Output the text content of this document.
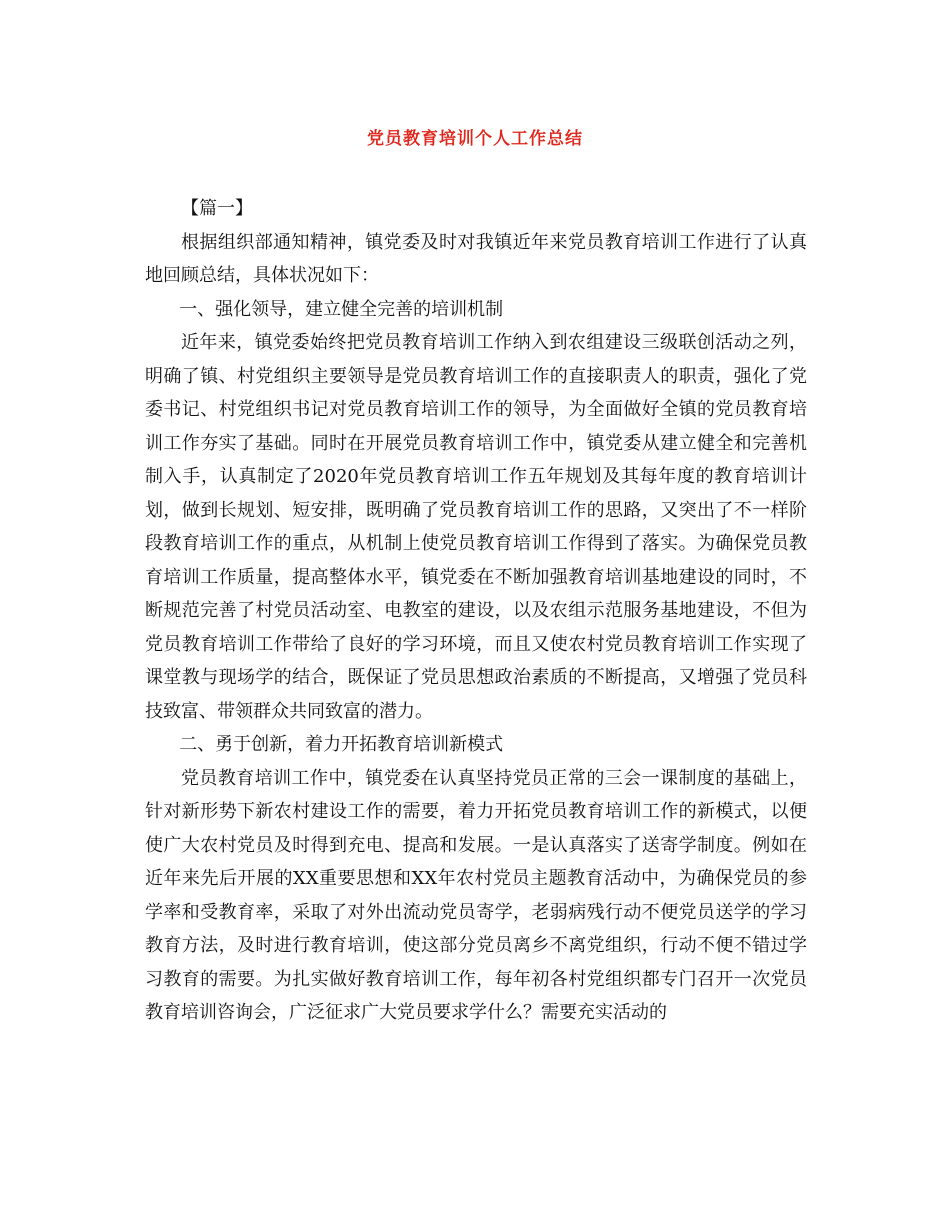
党员教育培训个人工作总结

【篇一】

根据组织部通知精神，镇党委及时对我镇近年来党员教育培训工作进行了认真地回顾总结，具体状况如下：

一、强化领导，建立健全完善的培训机制

近年来，镇党委始终把党员教育培训工作纳入到农组建设三级联创活动之列，明确了镇、村党组织主要领导是党员教育培训工作的直接职责人的职责，强化了党委书记、村党组织书记对党员教育培训工作的领导，为全面做好全镇的党员教育培训工作夯实了基础。同时在开展党员教育培训工作中，镇党委从建立健全和完善机制入手，认真制定了2020年党员教育培训工作五年规划及其每年度的教育培训计划，做到长规划、短安排，既明确了党员教育培训工作的思路，又突出了不一样阶段教育培训工作的重点，从机制上使党员教育培训工作得到了落实。为确保党员教育培训工作质量，提高整体水平，镇党委在不断加强教育培训基地建设的同时，不断规范完善了村党员活动室、电教室的建设，以及农组示范服务基地建设，不但为党员教育培训工作带给了良好的学习环境，而且又使农村党员教育培训工作实现了课堂教与现场学的结合，既保证了党员思想政治素质的不断提高，又增强了党员科技致富、带领群众共同致富的潜力。

二、勇于创新，着力开拓教育培训新模式

党员教育培训工作中，镇党委在认真坚持党员正常的三会一课制度的基础上，针对新形势下新农村建设工作的需要，着力开拓党员教育培训工作的新模式，以便使广大农村党员及时得到充电、提高和发展。一是认真落实了送寄学制度。例如在近年来先后开展的XX重要思想和XX年农村党员主题教育活动中，为确保党员的参学率和受教育率，采取了对外出流动党员寄学，老弱病残行动不便党员送学的学习教育方法，及时进行教育培训，使这部分党员离乡不离党组织，行动不便不错过学习教育的需要。为扎实做好教育培训工作，每年初各村党组织都专门召开一次党员教育培训咨询会，广泛征求广大党员要求学什么？需要充实活动的
